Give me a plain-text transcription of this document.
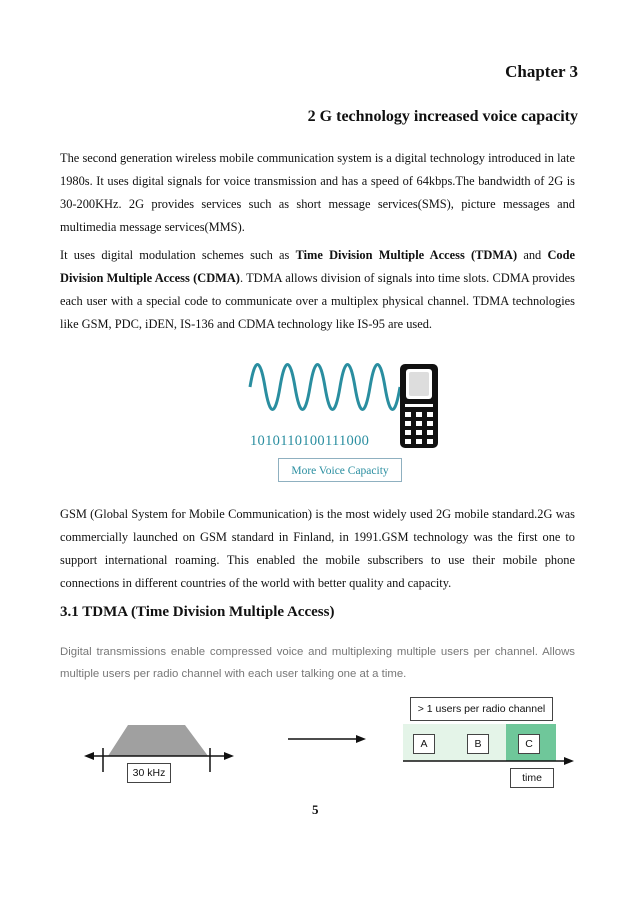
Chapter 3
2 G technology increased voice capacity

The second generation wireless mobile communication system is a digital technology introduced in late 1980s. It uses digital signals for voice transmission and has a speed of 64kbps.The bandwidth of 2G is 30-200KHz. 2G provides services such as short message services(SMS), picture messages and multimedia message services(MMS).

It uses digital modulation schemes such as Time Division Multiple Access (TDMA) and Code Division Multiple Access (CDMA). TDMA allows division of signals into time slots. CDMA provides each user with a special code to communicate over a multiplex physical channel. TDMA technologies like GSM, PDC, iDEN, IS-136 and CDMA technology like IS-95 are used.

1010110100111000
More Voice Capacity

GSM (Global System for Mobile Communication) is the most widely used 2G mobile standard.2G was commercially launched on GSM standard in Finland, in 1991.GSM technology was the first one to support international roaming. This enabled the mobile subscribers to use their mobile phone connections in different countries of the world with better quality and capacity.

3.1 TDMA (Time Division Multiple Access)

Digital transmissions enable compressed voice and multiplexing multiple users per channel. Allows multiple users per radio channel with each user talking one at a time.

> 1 users per radio channel
A	B	C
30 kHz	time
5
